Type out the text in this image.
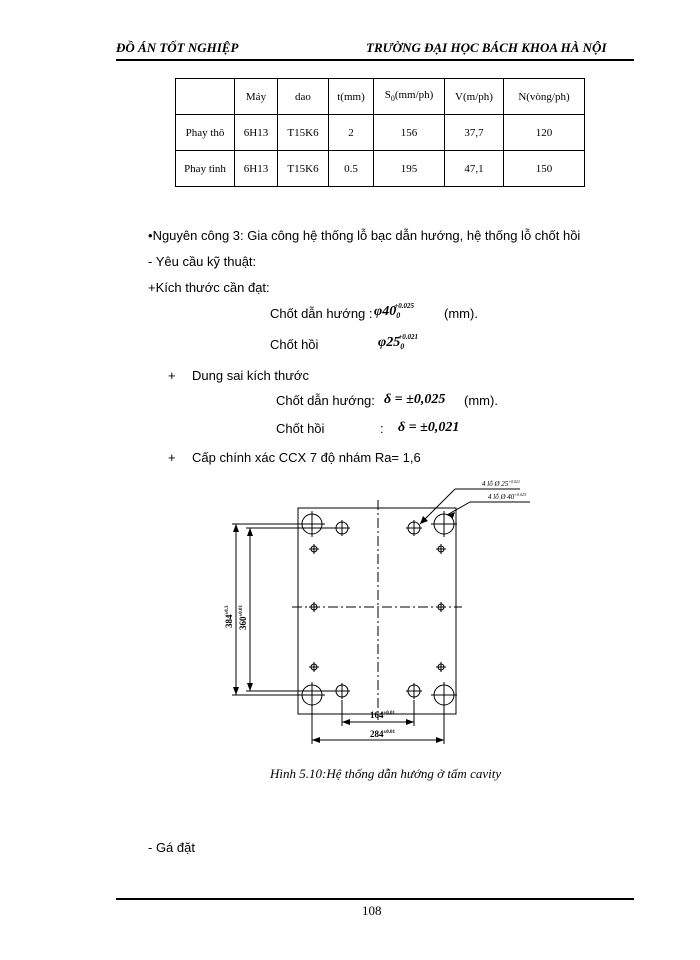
ĐỒ ÁN TỐT NGHIỆP	TRƯỜNG ĐẠI HỌC BÁCH KHOA HÀ NỘI
	Máy	dao	t(mm)	$S_0(mm/ph)$	V(m/ph)	N(vòng/ph)
Phay thô	6H13	T15K6	2	156	37,7	120
Phay tinh	6H13	T15K6	0.5	195	47,1	150
•Nguyên công 3: Gia công hệ thống lỗ bạc dẫn hướng, hệ thống lỗ chốt hồi
- Yêu cầu kỹ thuật:
+Kích thước cần đạt:
Chốt dẫn hướng : $\varphi 40_0^{+0.025}$ (mm).
Chốt hồi	$\varphi 25_0^{+0.021}$
+ Dung sai kích thước
Chốt dẫn hướng: δ = ±0,025 (mm).
Chốt hồi	: δ = ±0,021
+ Cấp chính xác CCX 7 độ nhám Ra= 1,6
4 lỗ Ø $25^{+0.021}$
4 lỗ Ø $40^{+0.025}$
$384^{\pm 0.3}$
$360^{\pm 0.01}$
$164^{\pm 0.01}$
$284^{\pm 0.01}$
Hình 5.10:Hệ thống dẫn hướng ở tấm cavity
- Gá đặt
108
